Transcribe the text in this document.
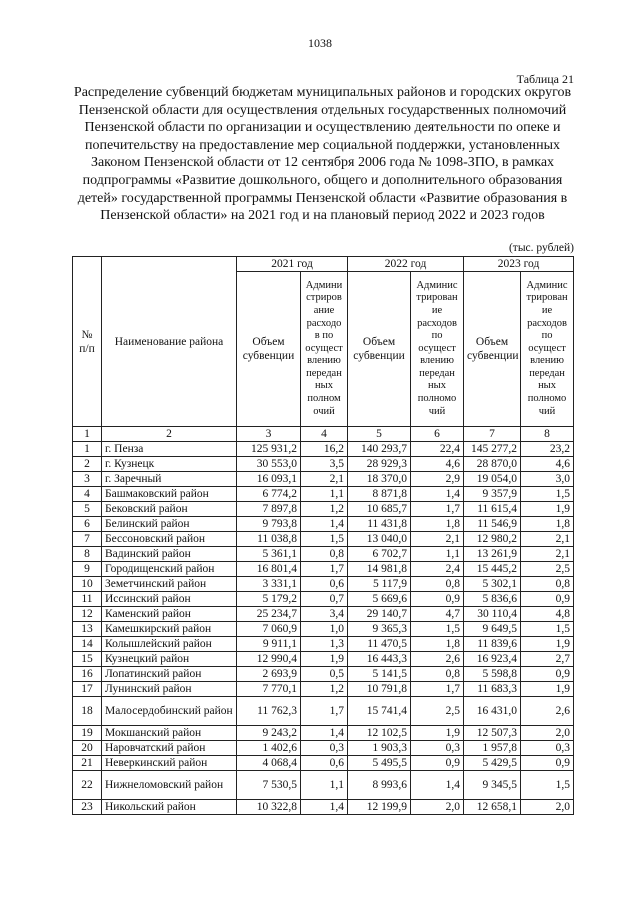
1038
Таблица 21
Распределение субвенций бюджетам муниципальных районов и городских округов Пензенской области для осуществления отдельных государственных полномочий Пензенской области по организации и осуществлению деятельности по опеке и попечительству на предоставление мер социальной поддержки, установленных Законом Пензенской области от 12 сентября 2006 года № 1098-ЗПО, в рамках подпрограммы «Развитие дошкольного, общего и дополнительного образования детей» государственной программы Пензенской области «Развитие образования в Пензенской области» на 2021 год и на плановый период 2022 и 2023 годов
(тыс. рублей)
№ п/п	Наименование района	2021 год		2022 год		2023 год	
		Объем субвенции	Админи стриров ание расходо в по осущест влению передан ных полном очий	Объем субвенции	Админис трирован ие расходов по осущест влению передан ных полномо чий	Объем субвенции	Админис трирован ие расходов по осущест влению передан ных полномо чий
1	2	3	4	5	6	7	8
1	г. Пенза	125 931,2	16,2	140 293,7	22,4	145 277,2	23,2
2	г. Кузнецк	30 553,0	3,5	28 929,3	4,6	28 870,0	4,6
3	г. Заречный	16 093,1	2,1	18 370,0	2,9	19 054,0	3,0
4	Башмаковский район	6 774,2	1,1	8 871,8	1,4	9 357,9	1,5
5	Бековский район	7 897,8	1,2	10 685,7	1,7	11 615,4	1,9
6	Белинский район	9 793,8	1,4	11 431,8	1,8	11 546,9	1,8
7	Бессоновский район	11 038,8	1,5	13 040,0	2,1	12 980,2	2,1
8	Вадинский район	5 361,1	0,8	6 702,7	1,1	13 261,9	2,1
9	Городищенский район	16 801,4	1,7	14 981,8	2,4	15 445,2	2,5
10	Земетчинский район	3 331,1	0,6	5 117,9	0,8	5 302,1	0,8
11	Иссинский район	5 179,2	0,7	5 669,6	0,9	5 836,6	0,9
12	Каменский район	25 234,7	3,4	29 140,7	4,7	30 110,4	4,8
13	Камешкирский район	7 060,9	1,0	9 365,3	1,5	9 649,5	1,5
14	Колышлейский район	9 911,1	1,3	11 470,5	1,8	11 839,6	1,9
15	Кузнецкий район	12 990,4	1,9	16 443,3	2,6	16 923,4	2,7
16	Лопатинский район	2 693,9	0,5	5 141,5	0,8	5 598,8	0,9
17	Лунинский район	7 770,1	1,2	10 791,8	1,7	11 683,3	1,9
18	Малосердобинский район	11 762,3	1,7	15 741,4	2,5	16 431,0	2,6
19	Мокшанский район	9 243,2	1,4	12 102,5	1,9	12 507,3	2,0
20	Наровчатский район	1 402,6	0,3	1 903,3	0,3	1 957,8	0,3
21	Неверкинский район	4 068,4	0,6	5 495,5	0,9	5 429,5	0,9
22	Нижнеломовский район	7 530,5	1,1	8 993,6	1,4	9 345,5	1,5
23	Никольский район	10 322,8	1,4	12 199,9	2,0	12 658,1	2,0
